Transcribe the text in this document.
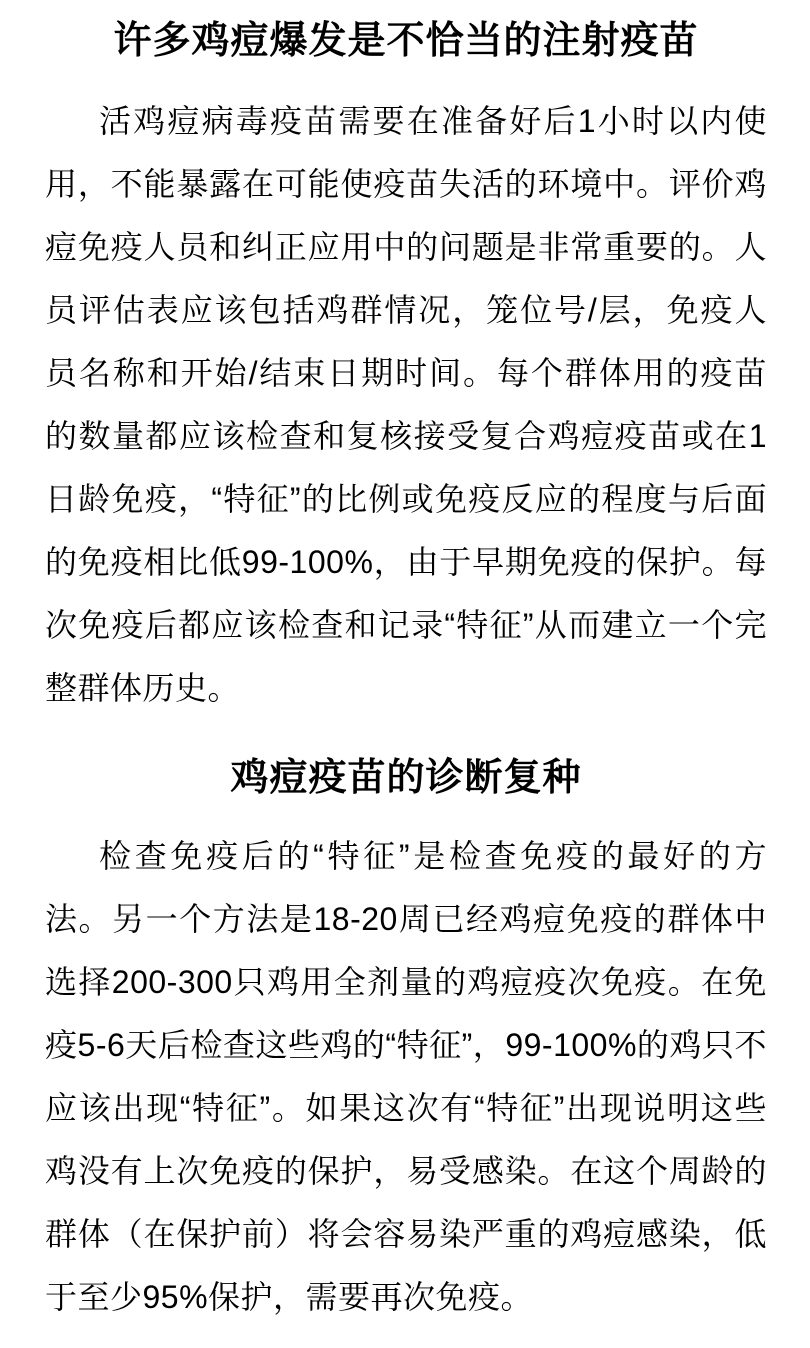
许多鸡痘爆发是不恰当的注射疫苗

活鸡痘病毒疫苗需要在准备好后1小时以内使用，不能暴露在可能使疫苗失活的环境中。评价鸡痘免疫人员和纠正应用中的问题是非常重要的。人员评估表应该包括鸡群情况，笼位号/层，免疫人员名称和开始/结束日期时间。每个群体用的疫苗的数量都应该检查和复核接受复合鸡痘疫苗或在1日龄免疫，“特征”的比例或免疫反应的程度与后面的免疫相比低99-100%，由于早期免疫的保护。每次免疫后都应该检查和记录“特征”从而建立一个完整群体历史。

鸡痘疫苗的诊断复种

检查免疫后的“特征”是检查免疫的最好的方法。另一个方法是18-20周已经鸡痘免疫的群体中选择200-300只鸡用全剂量的鸡痘疫次免疫。在免疫5-6天后检查这些鸡的“特征”，99-100%的鸡只不应该出现“特征”。如果这次有“特征”出现说明这些鸡没有上次免疫的保护，易受感染。在这个周龄的群体（在保护前）将会容易染严重的鸡痘感染，低于至少95%保护，需要再次免疫。
